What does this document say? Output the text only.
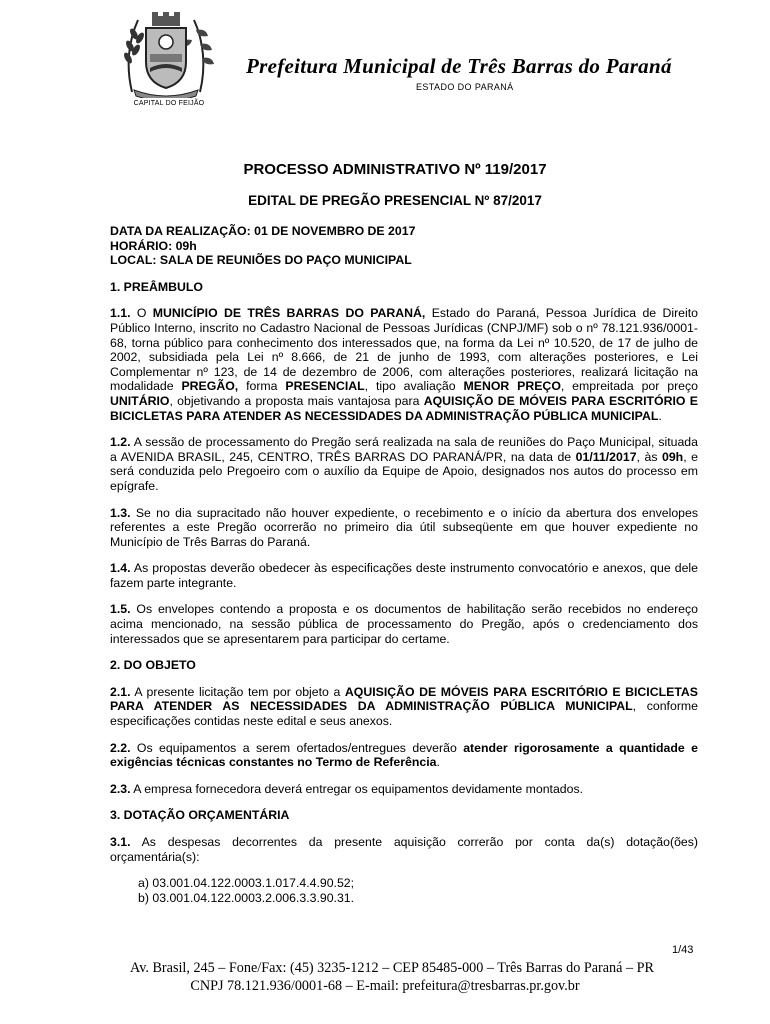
CAPITAL DO FEIJÃO
Prefeitura Municipal de Três Barras do Paraná
ESTADO DO PARANÁ
PROCESSO ADMINISTRATIVO Nº 119/2017
EDITAL DE PREGÃO PRESENCIAL Nº 87/2017

DATA DA REALIZAÇÃO: 01 DE NOVEMBRO DE 2017

HORÁRIO: 09h

LOCAL: SALA DE REUNIÕES DO PAÇO MUNICIPAL

1. PREÂMBULO

1.1. O MUNICÍPIO DE TRÊS BARRAS DO PARANÁ, Estado do Paraná, Pessoa Jurídica de Direito Público Interno, inscrito no Cadastro Nacional de Pessoas Jurídicas (CNPJ/MF) sob o nº 78.121.936/0001-68, torna público para conhecimento dos interessados que, na forma da Lei nº 10.520, de 17 de julho de 2002, subsidiada pela Lei nº 8.666, de 21 de junho de 1993, com alterações posteriores, e Lei Complementar nº 123, de 14 de dezembro de 2006, com alterações posteriores, realizará licitação na modalidade PREGÃO, forma PRESENCIAL, tipo avaliação MENOR PREÇO, empreitada por preço UNITÁRIO, objetivando a proposta mais vantajosa para AQUISIÇÃO DE MÓVEIS PARA ESCRITÓRIO E BICICLETAS PARA ATENDER AS NECESSIDADES DA ADMINISTRAÇÃO PÚBLICA MUNICIPAL.

1.2. A sessão de processamento do Pregão será realizada na sala de reuniões do Paço Municipal, situada a AVENIDA BRASIL, 245, CENTRO, TRÊS BARRAS DO PARANÁ/PR, na data de 01/11/2017, às 09h, e será conduzida pelo Pregoeiro com o auxílio da Equipe de Apoio, designados nos autos do processo em epígrafe.

1.3. Se no dia supracitado não houver expediente, o recebimento e o início da abertura dos envelopes referentes a este Pregão ocorrerão no primeiro dia útil subseqüente em que houver expediente no Município de Três Barras do Paraná.

1.4. As propostas deverão obedecer às especificações deste instrumento convocatório e anexos, que dele fazem parte integrante.

1.5. Os envelopes contendo a proposta e os documentos de habilitação serão recebidos no endereço acima mencionado, na sessão pública de processamento do Pregão, após o credenciamento dos interessados que se apresentarem para participar do certame.

2. DO OBJETO

2.1. A presente licitação tem por objeto a AQUISIÇÃO DE MÓVEIS PARA ESCRITÓRIO E BICICLETAS PARA ATENDER AS NECESSIDADES DA ADMINISTRAÇÃO PÚBLICA MUNICIPAL, conforme especificações contidas neste edital e seus anexos.

2.2. Os equipamentos a serem ofertados/entregues deverão atender rigorosamente a quantidade e exigências técnicas constantes no Termo de Referência.

2.3. A empresa fornecedora deverá entregar os equipamentos devidamente montados.

3. DOTAÇÃO ORÇAMENTÁRIA

3.1. As despesas decorrentes da presente aquisição correrão por conta da(s) dotação(ões) orçamentária(s):

a) 03.001.04.122.0003.1.017.4.4.90.52;
b) 03.001.04.122.0003.2.006.3.3.90.31.
1/43
Av. Brasil, 245 – Fone/Fax: (45) 3235-1212 – CEP 85485-000 – Três Barras do Paraná – PR
CNPJ 78.121.936/0001-68 – E-mail: prefeitura@tresbarras.pr.gov.br
